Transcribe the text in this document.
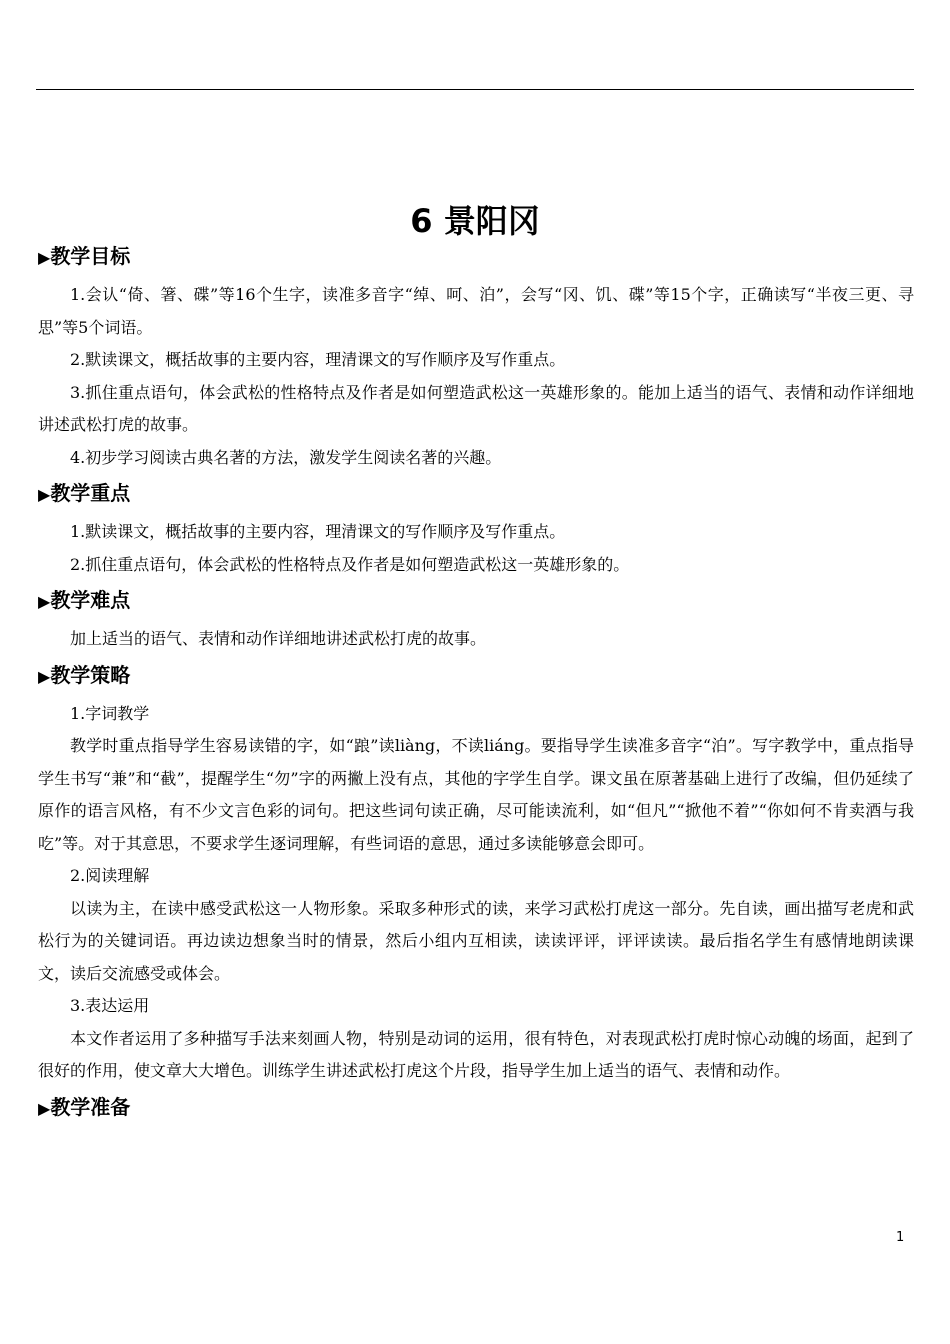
6 景阳冈
▶教学目标

1.会认“倚、箸、碟”等16个生字，读准多音字“绰、呵、泊”，会写“冈、饥、碟”等15个字，正确读写“半夜三更、寻思”等5个词语。

2.默读课文，概括故事的主要内容，理清课文的写作顺序及写作重点。

3.抓住重点语句，体会武松的性格特点及作者是如何塑造武松这一英雄形象的。能加上适当的语气、表情和动作详细地讲述武松打虎的故事。

4.初步学习阅读古典名著的方法，激发学生阅读名著的兴趣。

▶教学重点

1.默读课文，概括故事的主要内容，理清课文的写作顺序及写作重点。

2.抓住重点语句，体会武松的性格特点及作者是如何塑造武松这一英雄形象的。

▶教学难点

加上适当的语气、表情和动作详细地讲述武松打虎的故事。

▶教学策略

1.字词教学

教学时重点指导学生容易读错的字，如“踉”读liàng，不读liáng。要指导学生读准多音字“泊”。写字教学中，重点指导学生书写“兼”和“截”，提醒学生“勿”字的两撇上没有点，其他的字学生自学。课文虽在原著基础上进行了改编，但仍延续了原作的语言风格，有不少文言色彩的词句。把这些词句读正确，尽可能读流利，如“但凡”“掀他不着”“你如何不肯卖酒与我吃”等。对于其意思，不要求学生逐词理解，有些词语的意思，通过多读能够意会即可。

2.阅读理解

以读为主，在读中感受武松这一人物形象。采取多种形式的读，来学习武松打虎这一部分。先自读，画出描写老虎和武松行为的关键词语。再边读边想象当时的情景，然后小组内互相读，读读评评，评评读读。最后指名学生有感情地朗读课文，读后交流感受或体会。

3.表达运用

本文作者运用了多种描写手法来刻画人物，特别是动词的运用，很有特色，对表现武松打虎时惊心动魄的场面，起到了很好的作用，使文章大大增色。训练学生讲述武松打虎这个片段，指导学生加上适当的语气、表情和动作。

▶教学准备
1
